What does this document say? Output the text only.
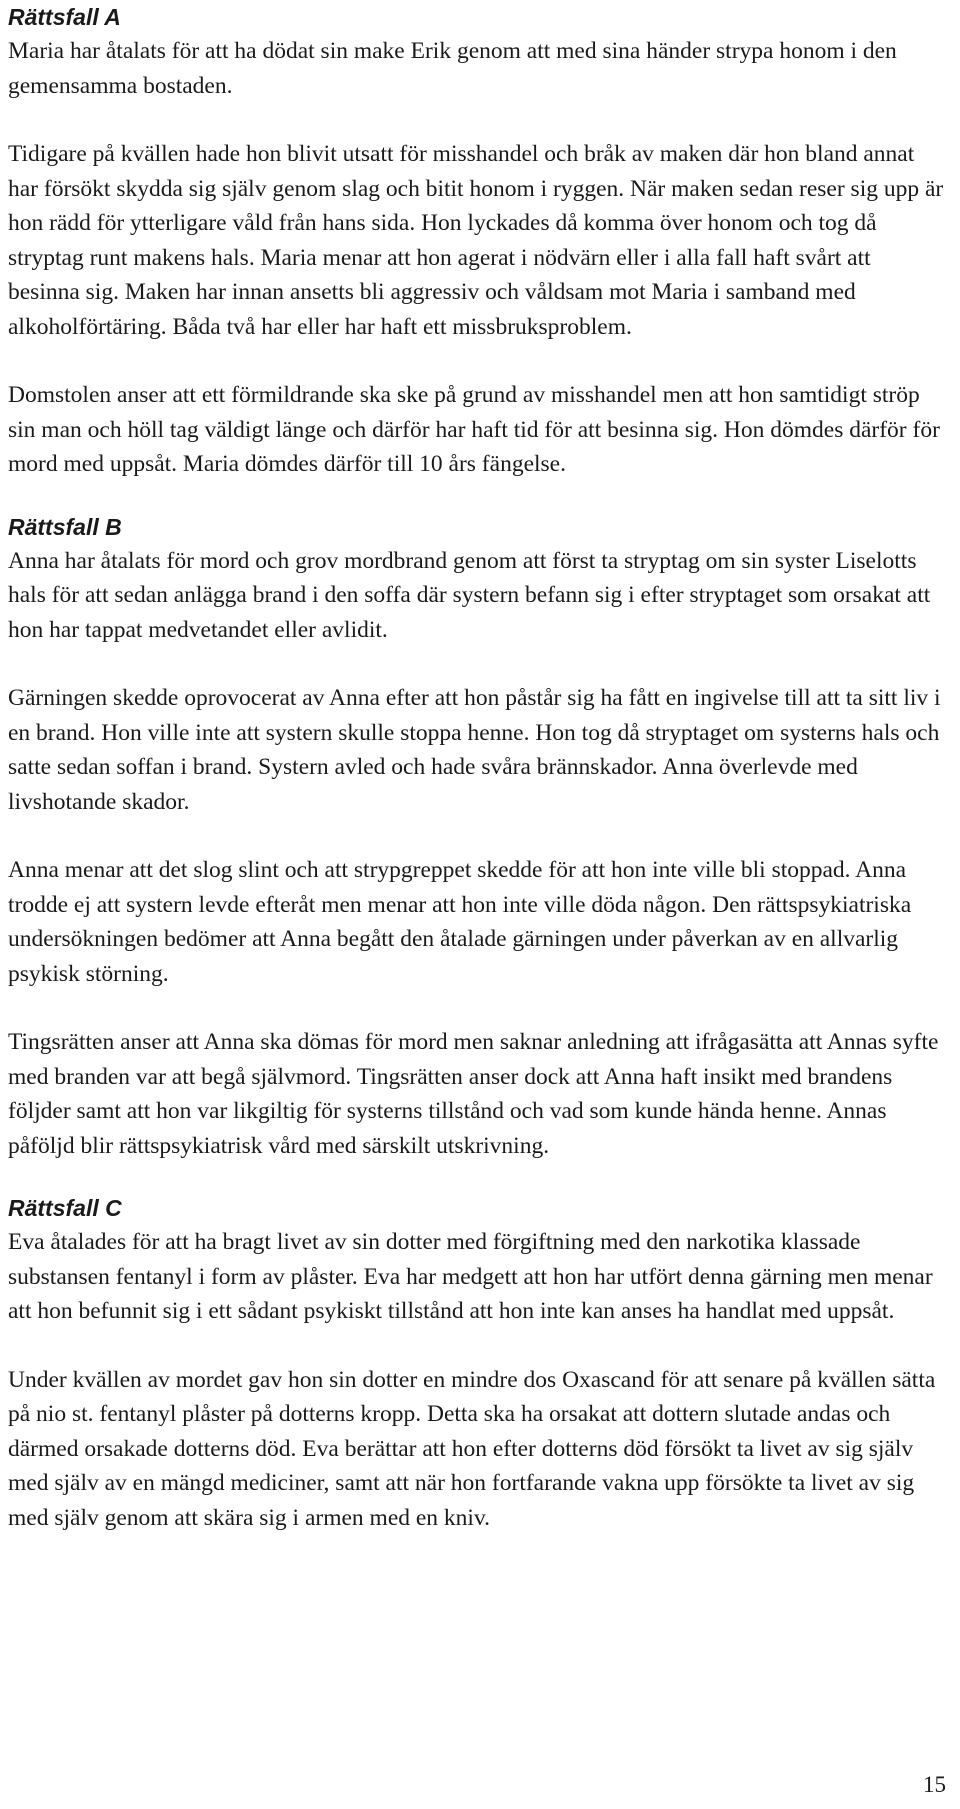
Rättsfall A

Maria har åtalats för att ha dödat sin make Erik genom att med sina händer strypa honom i den gemensamma bostaden.

Tidigare på kvällen hade hon blivit utsatt för misshandel och bråk av maken där hon bland annat har försökt skydda sig själv genom slag och bitit honom i ryggen. När maken sedan reser sig upp är hon rädd för ytterligare våld från hans sida. Hon lyckades då komma över honom och tog då stryptag runt makens hals. Maria menar att hon agerat i nödvärn eller i alla fall haft svårt att besinna sig. Maken har innan ansetts bli aggressiv och våldsam mot Maria i samband med alkoholförtäring. Båda två har eller har haft ett missbruksproblem.

Domstolen anser att ett förmildrande ska ske på grund av misshandel men att hon samtidigt ströp sin man och höll tag väldigt länge och därför har haft tid för att besinna sig. Hon dömdes därför för mord med uppsåt. Maria dömdes därför till 10 års fängelse.

Rättsfall B

Anna har åtalats för mord och grov mordbrand genom att först ta stryptag om sin syster Liselotts hals för att sedan anlägga brand i den soffa där systern befann sig i efter stryptaget som orsakat att hon har tappat medvetandet eller avlidit.

Gärningen skedde oprovocerat av Anna efter att hon påstår sig ha fått en ingivelse till att ta sitt liv i en brand. Hon ville inte att systern skulle stoppa henne. Hon tog då stryptaget om systerns hals och satte sedan soffan i brand. Systern avled och hade svåra brännskador. Anna överlevde med livshotande skador.

Anna menar att det slog slint och att strypgreppet skedde för att hon inte ville bli stoppad. Anna trodde ej att systern levde efteråt men menar att hon inte ville döda någon. Den rättspsykiatriska undersökningen bedömer att Anna begått den åtalade gärningen under påverkan av en allvarlig psykisk störning.

Tingsrätten anser att Anna ska dömas för mord men saknar anledning att ifrågasätta att Annas syfte med branden var att begå självmord. Tingsrätten anser dock att Anna haft insikt med brandens följder samt att hon var likgiltig för systerns tillstånd och vad som kunde hända henne. Annas påföljd blir rättspsykiatrisk vård med särskilt utskrivning.

Rättsfall C

Eva åtalades för att ha bragt livet av sin dotter med förgiftning med den narkotika klassade substansen fentanyl i form av plåster. Eva har medgett att hon har utfört denna gärning men menar att hon befunnit sig i ett sådant psykiskt tillstånd att hon inte kan anses ha handlat med uppsåt.

Under kvällen av mordet gav hon sin dotter en mindre dos Oxascand för att senare på kvällen sätta på nio st. fentanyl plåster på dotterns kropp. Detta ska ha orsakat att dottern slutade andas och därmed orsakade dotterns död. Eva berättar att hon efter dotterns död försökt ta livet av sig själv med själv av en mängd mediciner, samt att när hon fortfarande vakna upp försökte ta livet av sig med själv genom att skära sig i armen med en kniv.

15
